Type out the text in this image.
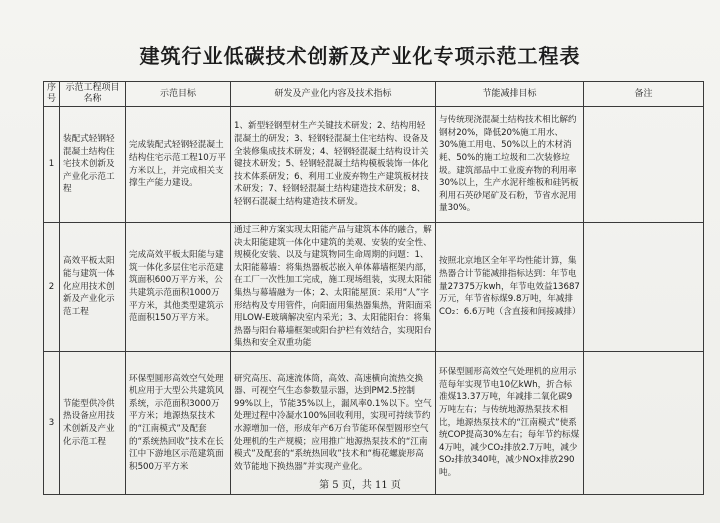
建筑行业低碳技术创新及产业化专项示范工程表
序号	示范工程项目名称	示范目标	研发及产业化内容及技术指标	节能减排目标	备注
1	装配式轻钢轻混凝土结构住宅技术创新及产业化示范工程	完成装配式轻钢轻混凝土结构住宅示范工程10万平方米以上，并完成相关支撑生产能力建设。	1、新型轻钢型材生产关键技术研发；2、结构用轻混凝土的研发；3、轻钢轻混凝土住宅结构、设备及全装修集成技术研发；4、轻钢轻混凝土结构设计关键技术研发；5、轻钢轻混凝土结构模板装饰一体化技术体系研发；6、利用工业废弃物生产建筑板材技术研发；7、轻钢轻混凝土结构建造技术研发；8、轻钢石混凝土结构建造技术研发。	与传统现浇混凝土结构技术相比解约钢材20%，降低20%施工用水、30%施工用电、50%以上的木材消耗、50%的施工垃圾和二次装修垃圾。建筑部品中工业废弃物的利用率30%以上，生产水泥秆维板和硅钙板利用石英砂尾矿及石粉，节省水泥用量30%。	
2	高效平板太阳能与建筑一体化应用技术创新及产业化示范工程	完成高效平板太阳能与建筑一体化多层住宅示范建筑面积600万平方米，公共建筑示范面积1000万平方米，其他类型建筑示范面积150万平方米。	通过三种方案实现太阳能产品与建筑本体的融合，解决太阳能建筑一体化中建筑的美观、安装的安全性、规模化安装、以及与建筑物同生命周期的问题：1、太阳能幕墙：将集热器板芯嵌入单体幕墙框架内部，在工厂一次性加工完成，施工现场组装，实现太阳能集热与幕墙融为一体；2、太阳能屋顶：采用“人”字形结构及专用管件，向阳面用集热器集热，背阳面采用LOW-E玻璃解决室内采光；3、太阳能阳台：将集热器与阳台幕墙框架或阳台护栏有效结合，实现阳台集热和安全双重功能	按照北京地区全年平均性能计算，集热器合计节能减排指标达到：年节电量27375万kwh，年节电效益13687万元，年节省标煤9.8万吨，年减排 CO₂：6.6万吨（含直接和间接减排）	
3	节能型供冷供热设备应用技术创新及产业化示范工程	环保型圆形高效空气处理机应用于大型公共建筑风系统，示范面积3000万平方米；地源热泵技术的“江南模式”及配套的“系统热回收”技术在长江中下游地区示范建筑面积500万平方米	研究高压、高速流体筒，高效、高速横向流热交换器、可视空气生态参数显示器，达到PM2.5控制99%以上，节能35%以上，漏风率0.1%以下。空气处理过程中冷凝水100%回收利用，实现可持续节约水源增加一倍，形成年产6万台节能环保型圆形空气处理机的生产规模；应用推广地源热泵技术的“江南模式”及配套的“系统热回收”技术和“梅花螺旋形高效节能地下换热器”并实现产业化。	环保型圆形高效空气处理机的应用示范每年实现节电10亿kWh，折合标准煤13.37万吨，年减排二氧化碳9万吨左右；与传统地源热泵技术相比，地源热泵技术的“江南模式”使系统COP提高30%左右；每年节约标煤4万吨，减少CO₂排放2.7万吨，减少SO₂排放340吨，减少NOx排放290吨。	
第 5 页，共 11 页
